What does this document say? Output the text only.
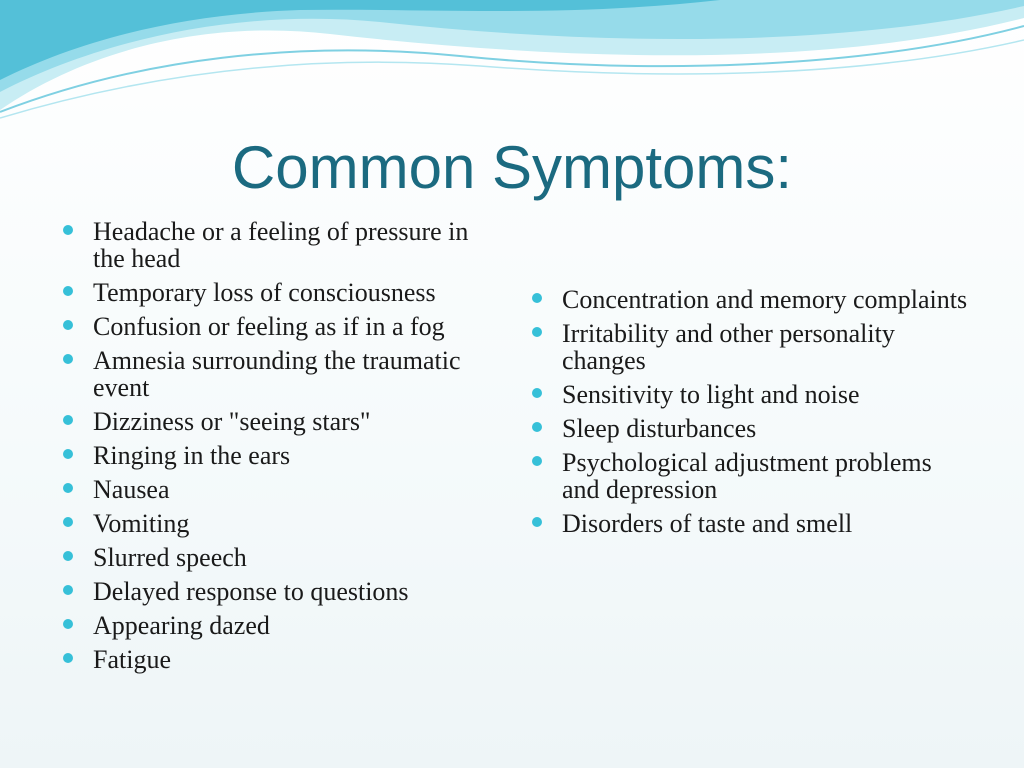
Common Symptoms:
Headache or a feeling of pressure in the head
Temporary loss of consciousness
Confusion or feeling as if in a fog
Amnesia surrounding the traumatic event
Dizziness or "seeing stars"
Ringing in the ears
Nausea
Vomiting
Slurred speech
Delayed response to questions
Appearing dazed
Fatigue
Concentration and memory complaints
Irritability and other personality changes
Sensitivity to light and noise
Sleep disturbances
Psychological adjustment problems and depression
Disorders of taste and smell
